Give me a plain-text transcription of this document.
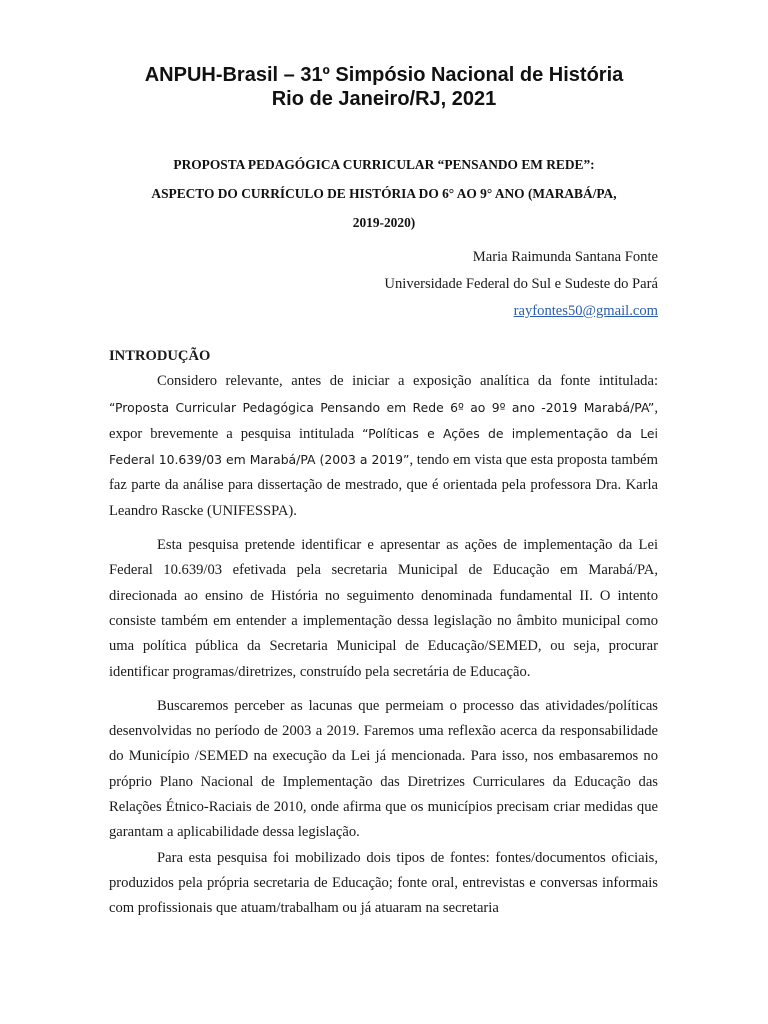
ANPUH-Brasil – 31º Simpósio Nacional de História
Rio de Janeiro/RJ, 2021
PROPOSTA PEDAGÓGICA CURRICULAR “PENSANDO EM REDE”:
ASPECTO DO CURRÍCULO DE HISTÓRIA DO 6° AO 9° ANO (MARABÁ/PA,
2019-2020)
Maria Raimunda Santana Fonte
Universidade Federal do Sul e Sudeste do Pará
rayfontes50@gmail.com
INTRODUÇÃO

Considero relevante, antes de iniciar a exposição analítica da fonte intitulada: “Proposta Curricular Pedagógica Pensando em Rede 6º ao 9º ano -2019 Marabá/PA”, expor brevemente a pesquisa intitulada “Políticas e Ações de implementação da Lei Federal 10.639/03 em Marabá/PA (2003 a 2019”, tendo em vista que esta proposta também faz parte da análise para dissertação de mestrado, que é orientada pela professora Dra. Karla Leandro Rascke (UNIFESSPA).

Esta pesquisa pretende identificar e apresentar as ações de implementação da Lei Federal 10.639/03 efetivada pela secretaria Municipal de Educação em Marabá/PA, direcionada ao ensino de História no seguimento denominada fundamental II. O intento consiste também em entender a implementação dessa legislação no âmbito municipal como uma política pública da Secretaria Municipal de Educação/SEMED, ou seja, procurar identificar programas/diretrizes, construído pela secretária de Educação.

Buscaremos perceber as lacunas que permeiam o processo das atividades/políticas desenvolvidas no período de 2003 a 2019. Faremos uma reflexão acerca da responsabilidade do Município /SEMED na execução da Lei já mencionada. Para isso, nos embasaremos no próprio Plano Nacional de Implementação das Diretrizes Curriculares da Educação das Relações Étnico-Raciais de 2010, onde afirma que os municípios precisam criar medidas que garantam a aplicabilidade dessa legislação.

Para esta pesquisa foi mobilizado dois tipos de fontes: fontes/documentos oficiais, produzidos pela própria secretaria de Educação; fonte oral, entrevistas e conversas informais com profissionais que atuam/trabalham ou já atuaram na secretaria
